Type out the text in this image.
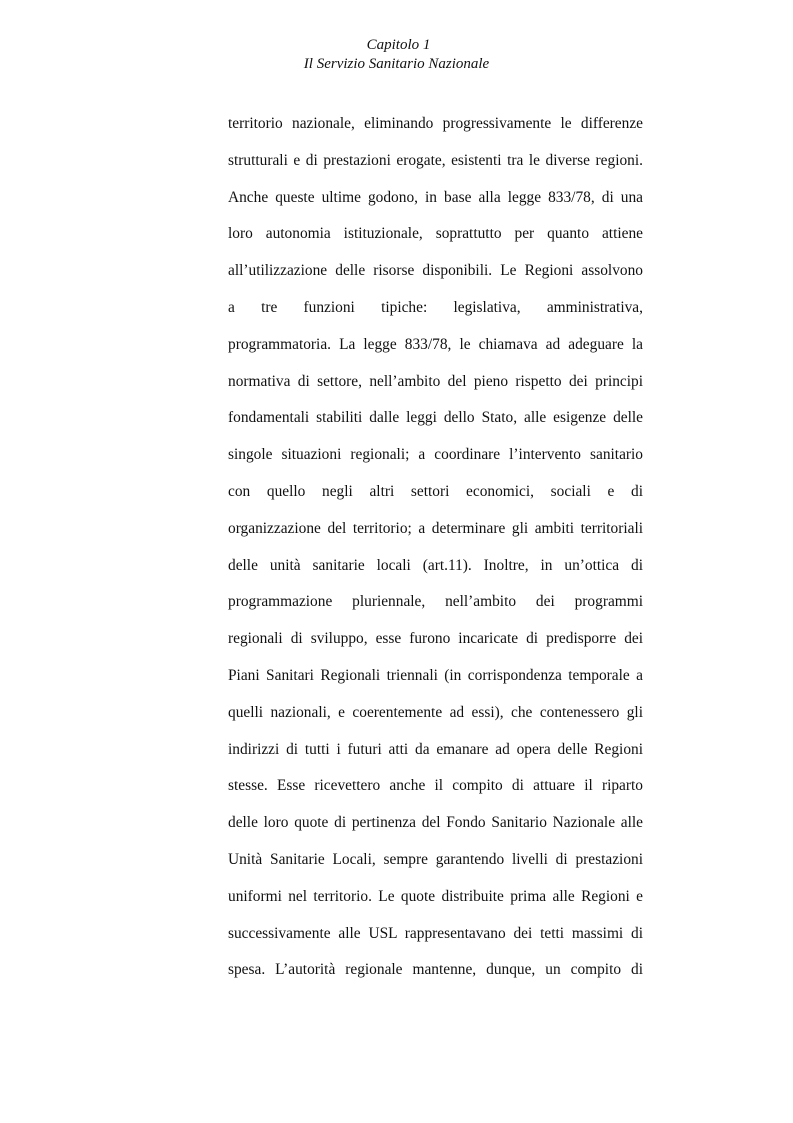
Capitolo 1
Il Servizio Sanitario Nazionale
territorio nazionale, eliminando progressivamente le differenze
strutturali e di prestazioni erogate, esistenti tra le diverse regioni.
Anche queste ultime godono, in base alla legge 833/78, di una
loro autonomia istituzionale, soprattutto per quanto attiene
all’utilizzazione delle risorse disponibili. Le Regioni assolvono
a tre funzioni tipiche: legislativa, amministrativa,
programmatoria. La legge 833/78, le chiamava ad adeguare la
normativa di settore, nell’ambito del pieno rispetto dei principi
fondamentali stabiliti dalle leggi dello Stato, alle esigenze delle
singole situazioni regionali; a coordinare l’intervento sanitario
con quello negli altri settori economici, sociali e di
organizzazione del territorio; a determinare gli ambiti territoriali
delle unità sanitarie locali (art.11). Inoltre, in un’ottica di
programmazione pluriennale, nell’ambito dei programmi
regionali di sviluppo, esse furono incaricate di predisporre dei
Piani Sanitari Regionali triennali (in corrispondenza temporale a
quelli nazionali, e coerentemente ad essi), che contenessero gli
indirizzi di tutti i futuri atti da emanare ad opera delle Regioni
stesse. Esse ricevettero anche il compito di attuare il riparto
delle loro quote di pertinenza del Fondo Sanitario Nazionale alle
Unità Sanitarie Locali, sempre garantendo livelli di prestazioni
uniformi nel territorio. Le quote distribuite prima alle Regioni e
successivamente alle USL rappresentavano dei tetti massimi di
spesa. L’autorità regionale mantenne, dunque, un compito di
